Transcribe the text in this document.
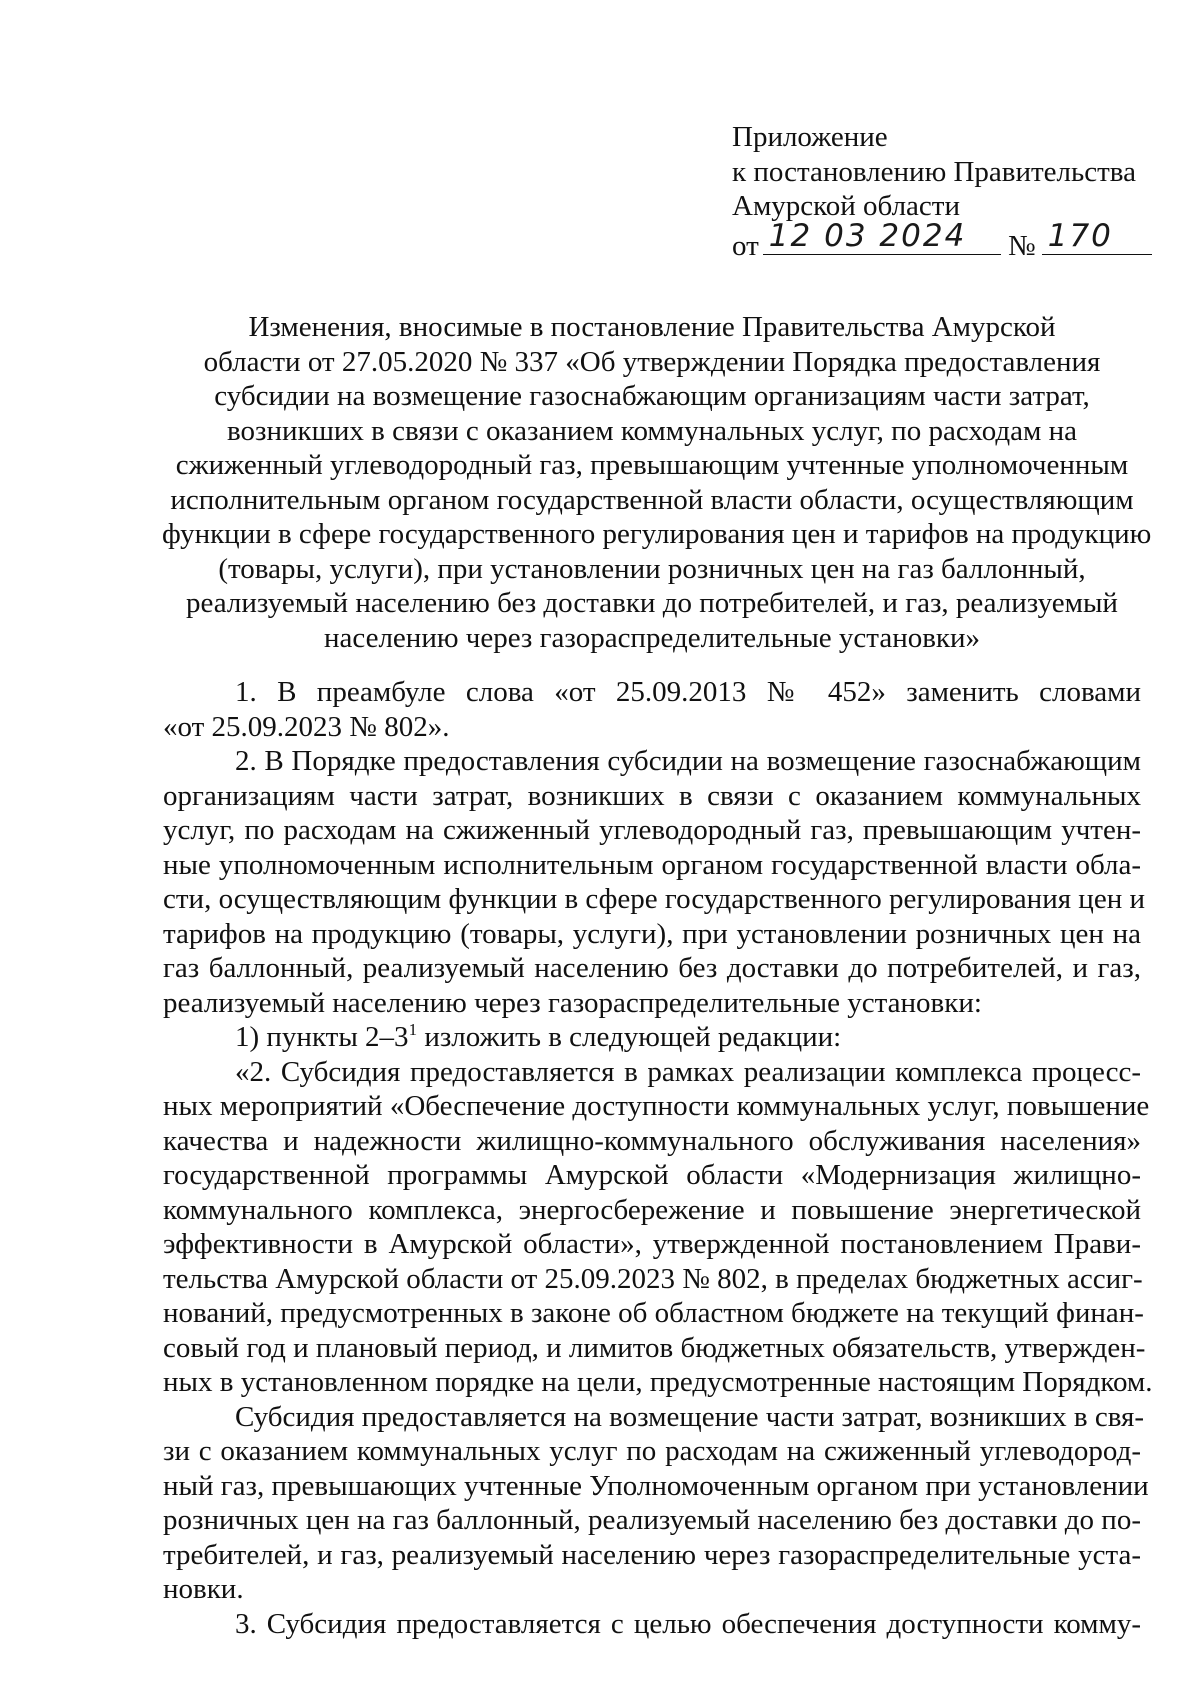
Приложение
к постановлению Правительства
Амурской области
от 12 03 2024 № 170
Изменения, вносимые в постановление Правительства Амурской
области от 27.05.2020 № 337 «Об утверждении Порядка предоставления
субсидии на возмещение газоснабжающим организациям части затрат,
возникших в связи с оказанием коммунальных услуг, по расходам на
сжиженный углеводородный газ, превышающим учтенные уполномоченным
исполнительным органом государственной власти области, осуществляющим
функции в сфере государственного регулирования цен и тарифов на продукцию
(товары, услуги), при установлении розничных цен на газ баллонный,
реализуемый населению без доставки до потребителей, и газ, реализуемый
населению через газораспределительные установки»
1. В преамбуле слова «от 25.09.2013 № 452» заменить словами
«от 25.09.2023 № 802».
2. В Порядке предоставления субсидии на возмещение газоснабжающим
организациям части затрат, возникших в связи с оказанием коммунальных
услуг, по расходам на сжиженный углеводородный газ, превышающим учтен-
ные уполномоченным исполнительным органом государственной власти обла-
сти, осуществляющим функции в сфере государственного регулирования цен и
тарифов на продукцию (товары, услуги), при установлении розничных цен на
газ баллонный, реализуемый населению без доставки до потребителей, и газ,
реализуемый населению через газораспределительные установки:
1) пункты $2-3^1$ изложить в следующей редакции:
«2. Субсидия предоставляется в рамках реализации комплекса процесс-
ных мероприятий «Обеспечение доступности коммунальных услуг, повышение
качества и надежности жилищно-коммунального обслуживания населения»
государственной программы Амурской области «Модернизация жилищно-
коммунального комплекса, энергосбережение и повышение энергетической
эффективности в Амурской области», утвержденной постановлением Прави-
тельства Амурской области от 25.09.2023 № 802, в пределах бюджетных ассиг-
нований, предусмотренных в законе об областном бюджете на текущий финан-
совый год и плановый период, и лимитов бюджетных обязательств, утвержден-
ных в установленном порядке на цели, предусмотренные настоящим Порядком.
Субсидия предоставляется на возмещение части затрат, возникших в свя-
зи с оказанием коммунальных услуг по расходам на сжиженный углеводород-
ный газ, превышающих учтенные Уполномоченным органом при установлении
розничных цен на газ баллонный, реализуемый населению без доставки до по-
требителей, и газ, реализуемый населению через газораспределительные уста-
новки.
3. Субсидия предоставляется с целью обеспечения доступности комму-
